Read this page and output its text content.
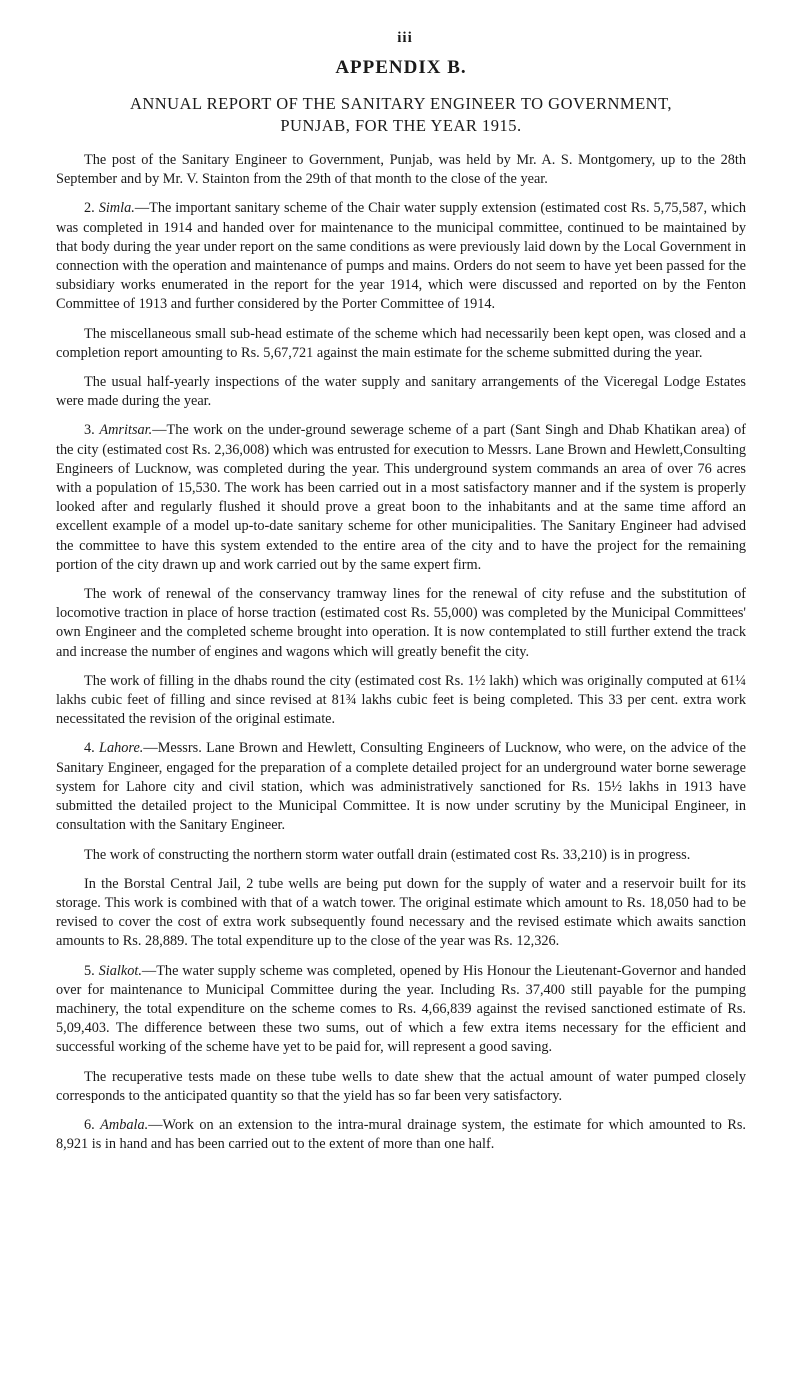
iii
APPENDIX B.
ANNUAL REPORT OF THE SANITARY ENGINEER TO GOVERNMENT,
PUNJAB, FOR THE YEAR 1915.

The post of the Sanitary Engineer to Government, Punjab, was held by Mr. A. S. Montgomery, up to the 28th September and by Mr. V. Stainton from the 29th of that month to the close of the year.

2. Simla.—The important sanitary scheme of the Chair water supply extension (estimated cost Rs. 5,75,587, which was completed in 1914 and handed over for maintenance to the municipal committee, continued to be maintained by that body during the year under report on the same conditions as were previously laid down by the Local Government in connection with the operation and maintenance of pumps and mains. Orders do not seem to have yet been passed for the subsidiary works enumerated in the report for the year 1914, which were discussed and reported on by the Fenton Committee of 1913 and further considered by the Porter Committee of 1914.

The miscellaneous small sub-head estimate of the scheme which had necessarily been kept open, was closed and a completion report amounting to Rs. 5,67,721 against the main estimate for the scheme submitted during the year.

The usual half-yearly inspections of the water supply and sanitary arrangements of the Viceregal Lodge Estates were made during the year.

3. Amritsar.—The work on the under-ground sewerage scheme of a part (Sant Singh and Dhab Khatikan area) of the city (estimated cost Rs. 2,36,008) which was entrusted for execution to Messrs. Lane Brown and Hewlett,Consulting Engineers of Lucknow, was completed during the year. This underground system commands an area of over 76 acres with a population of 15,530. The work has been carried out in a most satisfactory manner and if the system is properly looked after and regularly flushed it should prove a great boon to the inhabitants and at the same time afford an excellent example of a model up-to-date sanitary scheme for other municipalities. The Sanitary Engineer had advised the committee to have this system extended to the entire area of the city and to have the project for the remaining portion of the city drawn up and work carried out by the same expert firm.

The work of renewal of the conservancy tramway lines for the renewal of city refuse and the substitution of locomotive traction in place of horse traction (estimated cost Rs. 55,000) was completed by the Municipal Committees' own Engineer and the completed scheme brought into operation. It is now contemplated to still further extend the track and increase the number of engines and wagons which will greatly benefit the city.

The work of filling in the dhabs round the city (estimated cost Rs. 1½ lakh) which was originally computed at 61¼ lakhs cubic feet of filling and since revised at 81¾ lakhs cubic feet is being completed. This 33 per cent. extra work necessitated the revision of the original estimate.

4. Lahore.—Messrs. Lane Brown and Hewlett, Consulting Engineers of Lucknow, who were, on the advice of the Sanitary Engineer, engaged for the preparation of a complete detailed project for an underground water borne sewerage system for Lahore city and civil station, which was administratively sanctioned for Rs. 15½ lakhs in 1913 have submitted the detailed project to the Municipal Committee. It is now under scrutiny by the Municipal Engineer, in consultation with the Sanitary Engineer.

The work of constructing the northern storm water outfall drain (estimated cost Rs. 33,210) is in progress.

In the Borstal Central Jail, 2 tube wells are being put down for the supply of water and a reservoir built for its storage. This work is combined with that of a watch tower. The original estimate which amount to Rs. 18,050 had to be revised to cover the cost of extra work subsequently found necessary and the revised estimate which awaits sanction amounts to Rs. 28,889. The total expenditure up to the close of the year was Rs. 12,326.

5. Sialkot.—The water supply scheme was completed, opened by His Honour the Lieutenant-Governor and handed over for maintenance to Municipal Committee during the year. Including Rs. 37,400 still payable for the pumping machinery, the total expenditure on the scheme comes to Rs. 4,66,839 against the revised sanctioned estimate of Rs. 5,09,403. The difference between these two sums, out of which a few extra items necessary for the efficient and successful working of the scheme have yet to be paid for, will represent a good saving.

The recuperative tests made on these tube wells to date shew that the actual amount of water pumped closely corresponds to the anticipated quantity so that the yield has so far been very satisfactory.

6. Ambala.—Work on an extension to the intra-mural drainage system, the estimate for which amounted to Rs. 8,921 is in hand and has been carried out to the extent of more than one half.
